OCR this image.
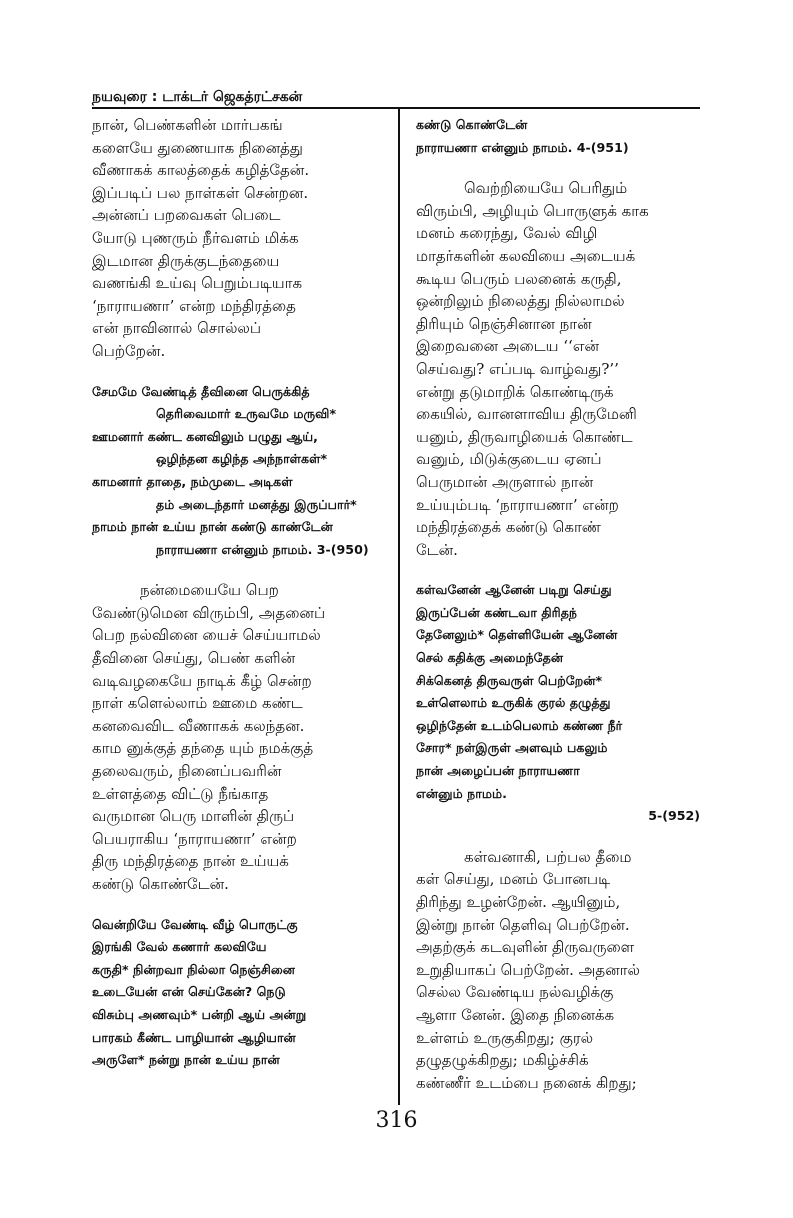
நயவுரை : டாக்டர் ஜெகத்ரட்சகன்
நான், பெண்களின் மார்பகங்
களையே துணையாக நினைத்து
வீணாகக் காலத்தைக் கழித்தேன்.
இப்படிப் பல நாள்கள் சென்றன.
அன்னப் பறவைகள் பெடை
யோடு புணரும் நீர்வளம் மிக்க
இடமான திருக்குடந்தையை
வணங்கி உய்வு பெறும்படியாக
‘நாராயணா’ என்ற மந்திரத்தை
என் நாவினால் சொல்லப்
பெற்றேன்.
சேமமே வேண்டித் தீவினை பெருக்கித்
தெரிவைமார் உருவமே மருவி*
ஊமனார் கண்ட கனவிலும் பழுது ஆய்,
ஒழிந்தன கழிந்த அந்நாள்கள்*
காமனார் தாதை, நம்முடை அடிகள்
தம் அடைந்தார் மனத்து இருப்பார்*
நாமம் நான் உய்ய நான் கண்டு காண்டேன்
நாராயணா என்னும் நாமம். 3-(950)
நன்மையையே பெற
வேண்டுமென விரும்பி, அதனைப்
பெற நல்வினை யைச் செய்யாமல்
தீவினை செய்து, பெண் களின்
வடிவழகையே நாடிக் கீழ் சென்ற
நாள் களெல்லாம் ஊமை கண்ட
கனவைவிட வீணாகக் கலந்தன.
காம னுக்குத் தந்தை யும் நமக்குத்
தலைவரும், நினைப்பவரின்
உள்ளத்தை விட்டு நீங்காத
வருமான பெரு மாளின் திருப்
பெயராகிய ‘நாராயணா’ என்ற
திரு மந்திரத்தை நான் உய்யக்
கண்டு கொண்டேன்.
வென்றியே வேண்டி வீழ் பொருட்கு
இரங்கி வேல் கணார் கலவியே
கருதி* நின்றவா நில்லா நெஞ்சினை
உடையேன் என் செய்கேன்? நெடு
விசும்பு அணவும்* பன்றி ஆய் அன்று
பாரகம் கீண்ட பாழியான் ஆழியான்
அருளே* நன்று நான் உய்ய நான்
கண்டு கொண்டேன்
நாராயணா என்னும் நாமம். 4-(951)
வெற்றியையே பெரிதும்
விரும்பி, அழியும் பொருளுக் காக
மனம் கரைந்து, வேல் விழி
மாதர்களின் கலவியை அடையக்
கூடிய பெரும் பலனைக் கருதி,
ஒன்றிலும் நிலைத்து நில்லாமல்
திரியும் நெஞ்சினான நான்
இறைவனை அடைய ‘‘என்
செய்வது? எப்படி வாழ்வது?’’
என்று தடுமாறிக் கொண்டிருக்
கையில், வானளாவிய திருமேனி
யனும், திருவாழியைக் கொண்ட
வனும், மிடுக்குடைய ஏனப்
பெருமான் அருளால் நான்
உய்யும்படி ‘நாராயணா’ என்ற
மந்திரத்தைக் கண்டு கொண்
டேன்.
கள்வனேன் ஆனேன் படிறு செய்து
இருப்பேன் கண்டவா திரிதந்
தேனேலும்* தெள்ளியேன் ஆனேன்
செல் கதிக்கு அமைந்தேன்
சிக்கெனத் திருவருள் பெற்றேன்*
உள்ளெலாம் உருகிக் குரல் தழுத்து
ஒழிந்தேன் உடம்பெலாம் கண்ண நீர்
சோர* நள்இருள் அளவும் பகலும்
நான் அழைப்பன் நாராயணா
என்னும் நாமம்.
5-(952)
கள்வனாகி, பற்பல தீமை
கள் செய்து, மனம் போனபடி
திரிந்து உழன்றேன். ஆயினும்,
இன்று நான் தெளிவு பெற்றேன்.
அதற்குக் கடவுளின் திருவருளை
உறுதியாகப் பெற்றேன். அதனால்
செல்ல வேண்டிய நல்வழிக்கு
ஆளா னேன். இதை நினைக்க
உள்ளம் உருகுகிறது; குரல்
தழுதழுக்கிறது; மகிழ்ச்சிக்
கண்ணீர் உடம்பை நனைக் கிறது;
316
